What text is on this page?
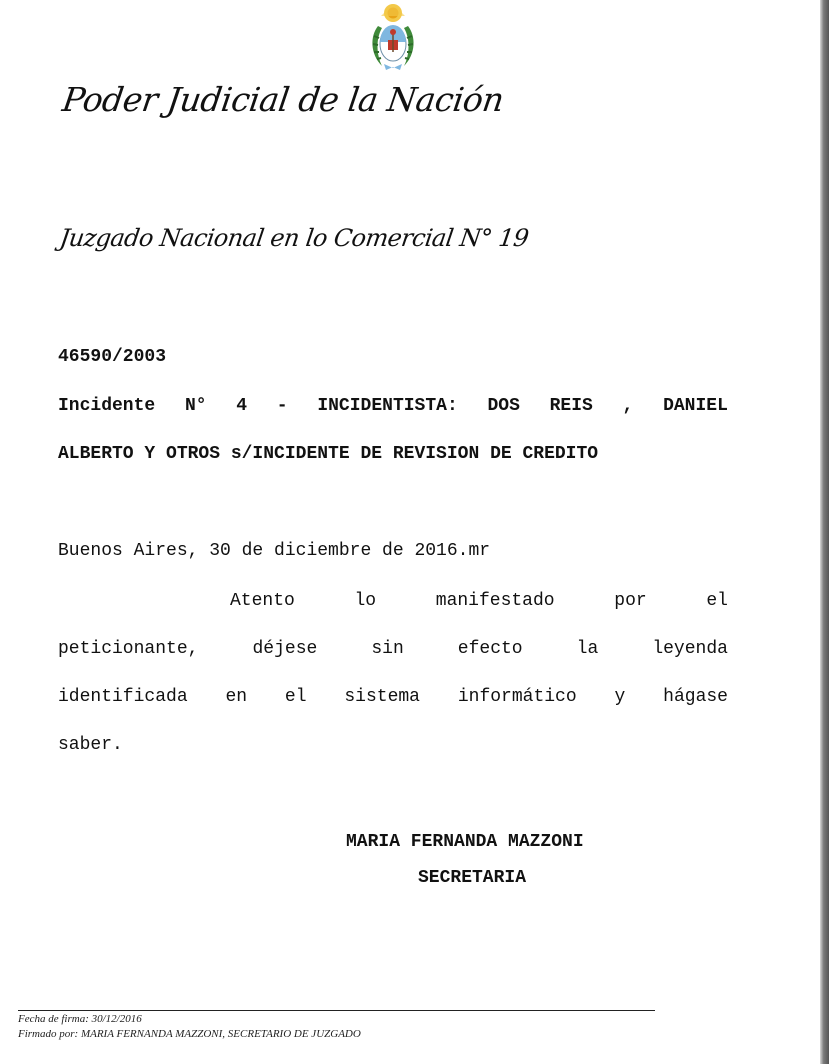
Poder Judicial de la Nación
Juzgado Nacional en lo Comercial N° 19
46590/2003
Incidente N° 4 - INCIDENTISTA: DOS REIS , DANIEL
ALBERTO Y OTROS s/INCIDENTE DE REVISION DE CREDITO
Buenos Aires, 30 de diciembre de 2016.mr
Atento	lo	manifestado	por	el
peticionante,	déjese	sin	efecto	la	leyenda
identificada en el sistema informático y hágase
saber.
MARIA FERNANDA MAZZONI
SECRETARIA
Fecha de firma: 30/12/2016
Firmado por: MARIA FERNANDA MAZZONI, SECRETARIO DE JUZGADO
